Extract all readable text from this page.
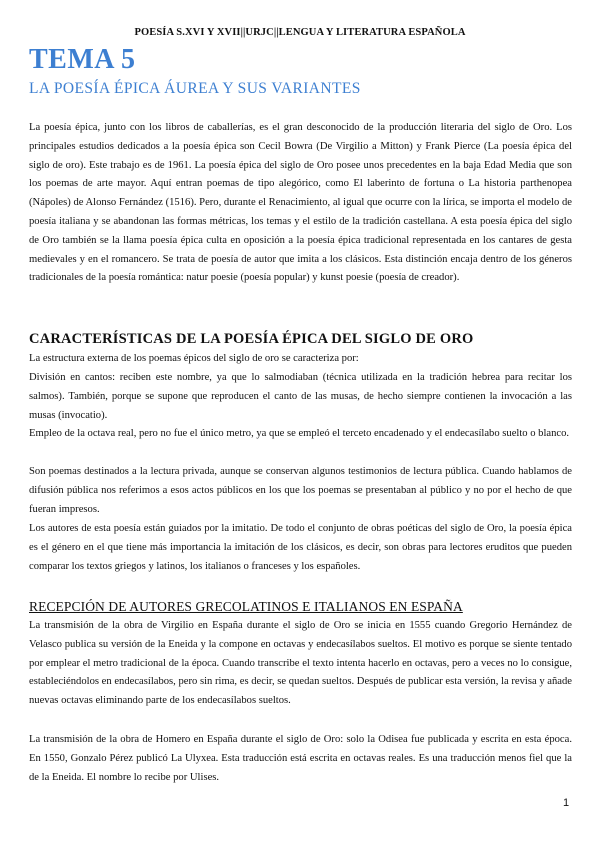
POESÍA S.XVI Y XVII||URJC||LENGUA Y LITERATURA ESPAÑOLA
TEMA 5
LA POESÍA ÉPICA ÁUREA Y SUS VARIANTES

La poesía épica, junto con los libros de caballerías, es el gran desconocido de la producción literaria del siglo de Oro. Los principales estudios dedicados a la poesía épica son Cecil Bowra (De Virgilio a Mitton) y Frank Pierce (La poesía épica del siglo de oro). Este trabajo es de 1961. La poesía épica del siglo de Oro posee unos precedentes en la baja Edad Media que son los poemas de arte mayor. Aquí entran poemas de tipo alegórico, como El laberinto de fortuna o La historia parthenopea (Nápoles) de Alonso Fernández (1516). Pero, durante el Renacimiento, al igual que ocurre con la lírica, se importa el modelo de poesía italiana y se abandonan las formas métricas, los temas y el estilo de la tradición castellana. A esta poesía épica del siglo de Oro también se la llama poesía épica culta en oposición a la poesía épica tradicional representada en los cantares de gesta medievales y en el romancero. Se trata de poesía de autor que imita a los clásicos. Esta distinción encaja dentro de los géneros tradicionales de la poesía romántica: natur poesie (poesía popular) y kunst poesie (poesía de creador).

CARACTERÍSTICAS DE LA POESÍA ÉPICA DEL SIGLO DE ORO

La estructura externa de los poemas épicos del siglo de oro se caracteriza por:

División en cantos: reciben este nombre, ya que lo salmodiaban (técnica utilizada en la tradición hebrea para recitar los salmos). También, porque se supone que reproducen el canto de las musas, de hecho siempre contienen la invocación a las musas (invocatio).

Empleo de la octava real, pero no fue el único metro, ya que se empleó el terceto encadenado y el endecasílabo suelto o blanco.

Son poemas destinados a la lectura privada, aunque se conservan algunos testimonios de lectura pública. Cuando hablamos de difusión pública nos referimos a esos actos públicos en los que los poemas se presentaban al público y no por el hecho de que fueran impresos.

Los autores de esta poesía están guiados por la imitatio. De todo el conjunto de obras poéticas del siglo de Oro, la poesía épica es el género en el que tiene más importancia la imitación de los clásicos, es decir, son obras para lectores eruditos que pueden comparar los textos griegos y latinos, los italianos o franceses y los españoles.

RECEPCIÓN DE AUTORES GRECOLATINOS E ITALIANOS EN ESPAÑA

La transmisión de la obra de Virgilio en España durante el siglo de Oro se inicia en 1555 cuando Gregorio Hernández de Velasco publica su versión de la Eneida y la compone en octavas y endecasílabos sueltos. El motivo es porque se siente tentado por emplear el metro tradicional de la época. Cuando transcribe el texto intenta hacerlo en octavas, pero a veces no lo consigue, estableciéndolos en endecasílabos, pero sin rima, es decir, se quedan sueltos. Después de publicar esta versión, la revisa y añade nuevas octavas eliminando parte de los endecasílabos sueltos.

La transmisión de la obra de Homero en España durante el siglo de Oro: solo la Odisea fue publicada y escrita en esta época. En 1550, Gonzalo Pérez publicó La Ulyxea. Esta traducción está escrita en octavas reales. Es una traducción menos fiel que la de la Eneida. El nombre lo recibe por Ulises.

1
